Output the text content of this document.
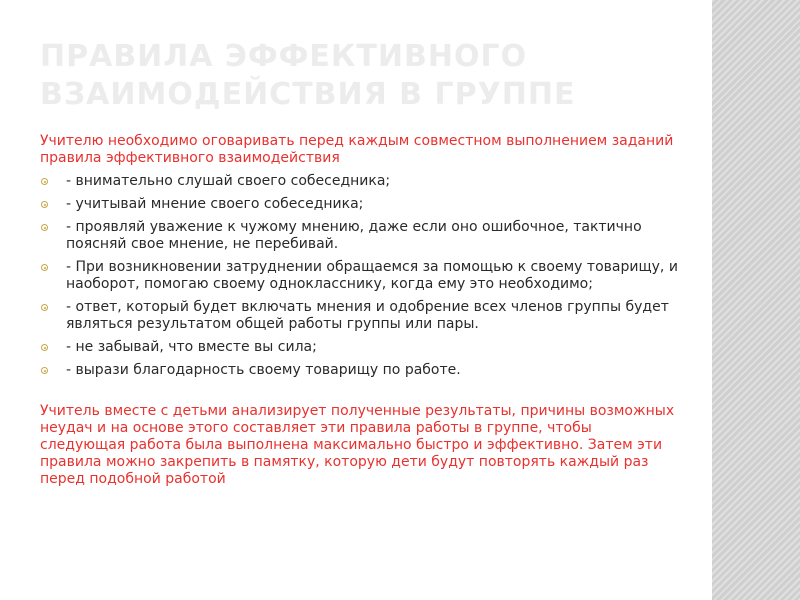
ПРАВИЛА ЭФФЕКТИВНОГО
ВЗАИМОДЕЙСТВИЯ В ГРУППЕ

Учителю необходимо оговаривать перед каждым совместном выполнением заданий правила эффективного взаимодействия

- внимательно слушай своего собеседника;
- учитывай мнение своего собеседника;
- проявляй уважение к чужому мнению, даже если оно ошибочное, тактично поясняй свое мнение, не перебивай.
- При возникновении затруднении обращаемся за помощью к своему товарищу, и наоборот, помогаю своему однокласснику, когда ему это необходимо;
- ответ, который будет включать мнения и одобрение всех членов группы будет являться результатом общей работы группы или пары.
- не забывай, что вместе вы сила;
- вырази благодарность своему товарищу по работе.

Учитель вместе с детьми анализирует полученные результаты, причины возможных неудач и на основе этого составляет эти правила работы в группе, чтобы следующая работа была выполнена максимально быстро и эффективно. Затем эти правила можно закрепить в памятку, которую дети будут повторять каждый раз перед подобной работой
